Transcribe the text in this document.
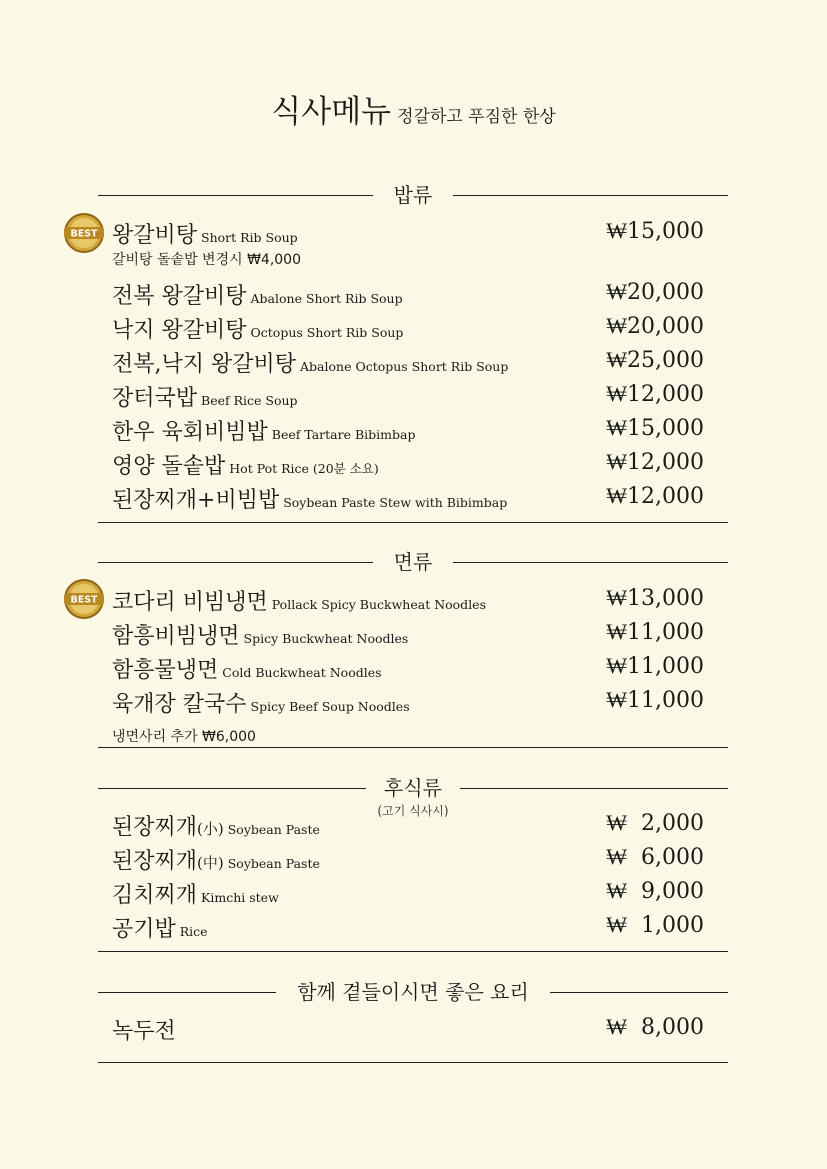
식사메뉴 정갈하고 푸짐한 한상
밥류
BEST 왕갈비탕 Short Rib Soup	₩15,000
갈비탕 돌솥밥 변경시 ₩4,000
전복 왕갈비탕 Abalone Short Rib Soup	₩20,000
낙지 왕갈비탕 Octopus Short Rib Soup	₩20,000
전복,낙지 왕갈비탕 Abalone Octopus Short Rib Soup	₩25,000
장터국밥 Beef Rice Soup	₩12,000
한우 육회비빔밥 Beef Tartare Bibimbap	₩15,000
영양 돌솥밥 Hot Pot Rice (20분 소요)	₩12,000
된장찌개+비빔밥 Soybean Paste Stew with Bibimbap	₩12,000
면류
BEST 코다리 비빔냉면 Pollack Spicy Buckwheat Noodles	₩13,000
함흥비빔냉면 Spicy Buckwheat Noodles	₩11,000
함흥물냉면 Cold Buckwheat Noodles	₩11,000
육개장 칼국수 Spicy Beef Soup Noodles	₩11,000
냉면사리 추가 ₩6,000
후식류
(고기 식사시)
된장찌개(小) Soybean Paste	₩  2,000
된장찌개(中) Soybean Paste	₩  6,000
김치찌개 Kimchi stew	₩  9,000
공기밥 Rice	₩  1,000
함께 곁들이시면 좋은 요리
녹두전	₩  8,000
